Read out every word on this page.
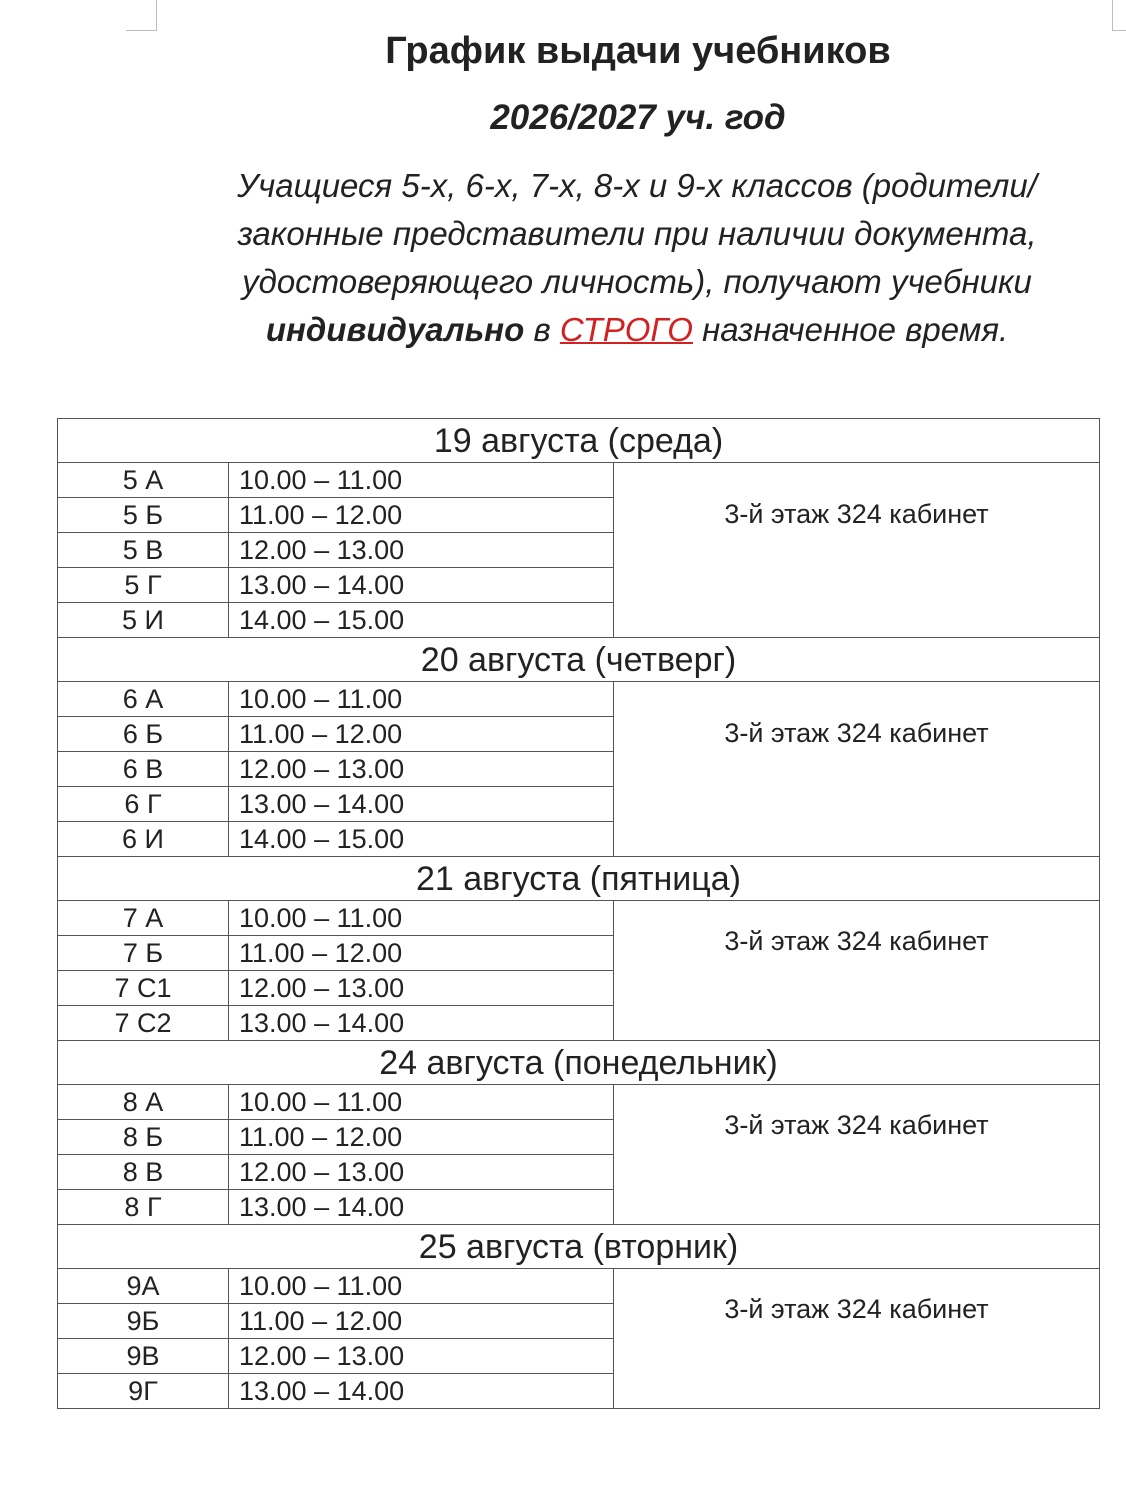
График выдачи учебников
2026/2027 уч. год
Учащиеся 5-х, 6-х, 7-х, 8-х и 9-х классов (родители/законные представители при наличии документа, удостоверяющего личность), получают учебники индивидуально в СТРОГО назначенное время.
19 августа (среда)		
5 А	10.00 – 11.00	3-й этаж 324 кабинет

5 Б	11.00 – 12.00	
5 В	12.00 – 13.00	
5 Г	13.00 – 14.00	
5 И	14.00 – 15.00	
20 августа (четверг)		
6 А	10.00 – 11.00	3-й этаж 324 кабинет

6 Б	11.00 – 12.00	
6 В	12.00 – 13.00	
6 Г	13.00 – 14.00	
6 И	14.00 – 15.00	
21 августа (пятница)		
7 А	10.00 – 11.00	3-й этаж 324 кабинет

7 Б	11.00 – 12.00	
7 С1	12.00 – 13.00	
7 С2	13.00 – 14.00	
24 августа (понедельник)		
8 А	10.00 – 11.00	3-й этаж 324 кабинет

8 Б	11.00 – 12.00	
8 В	12.00 – 13.00	
8 Г	13.00 – 14.00	
25 августа (вторник)		
9А	10.00 – 11.00	3-й этаж 324 кабинет

9Б	11.00 – 12.00	
9В	12.00 – 13.00	
9Г	13.00 – 14.00	
